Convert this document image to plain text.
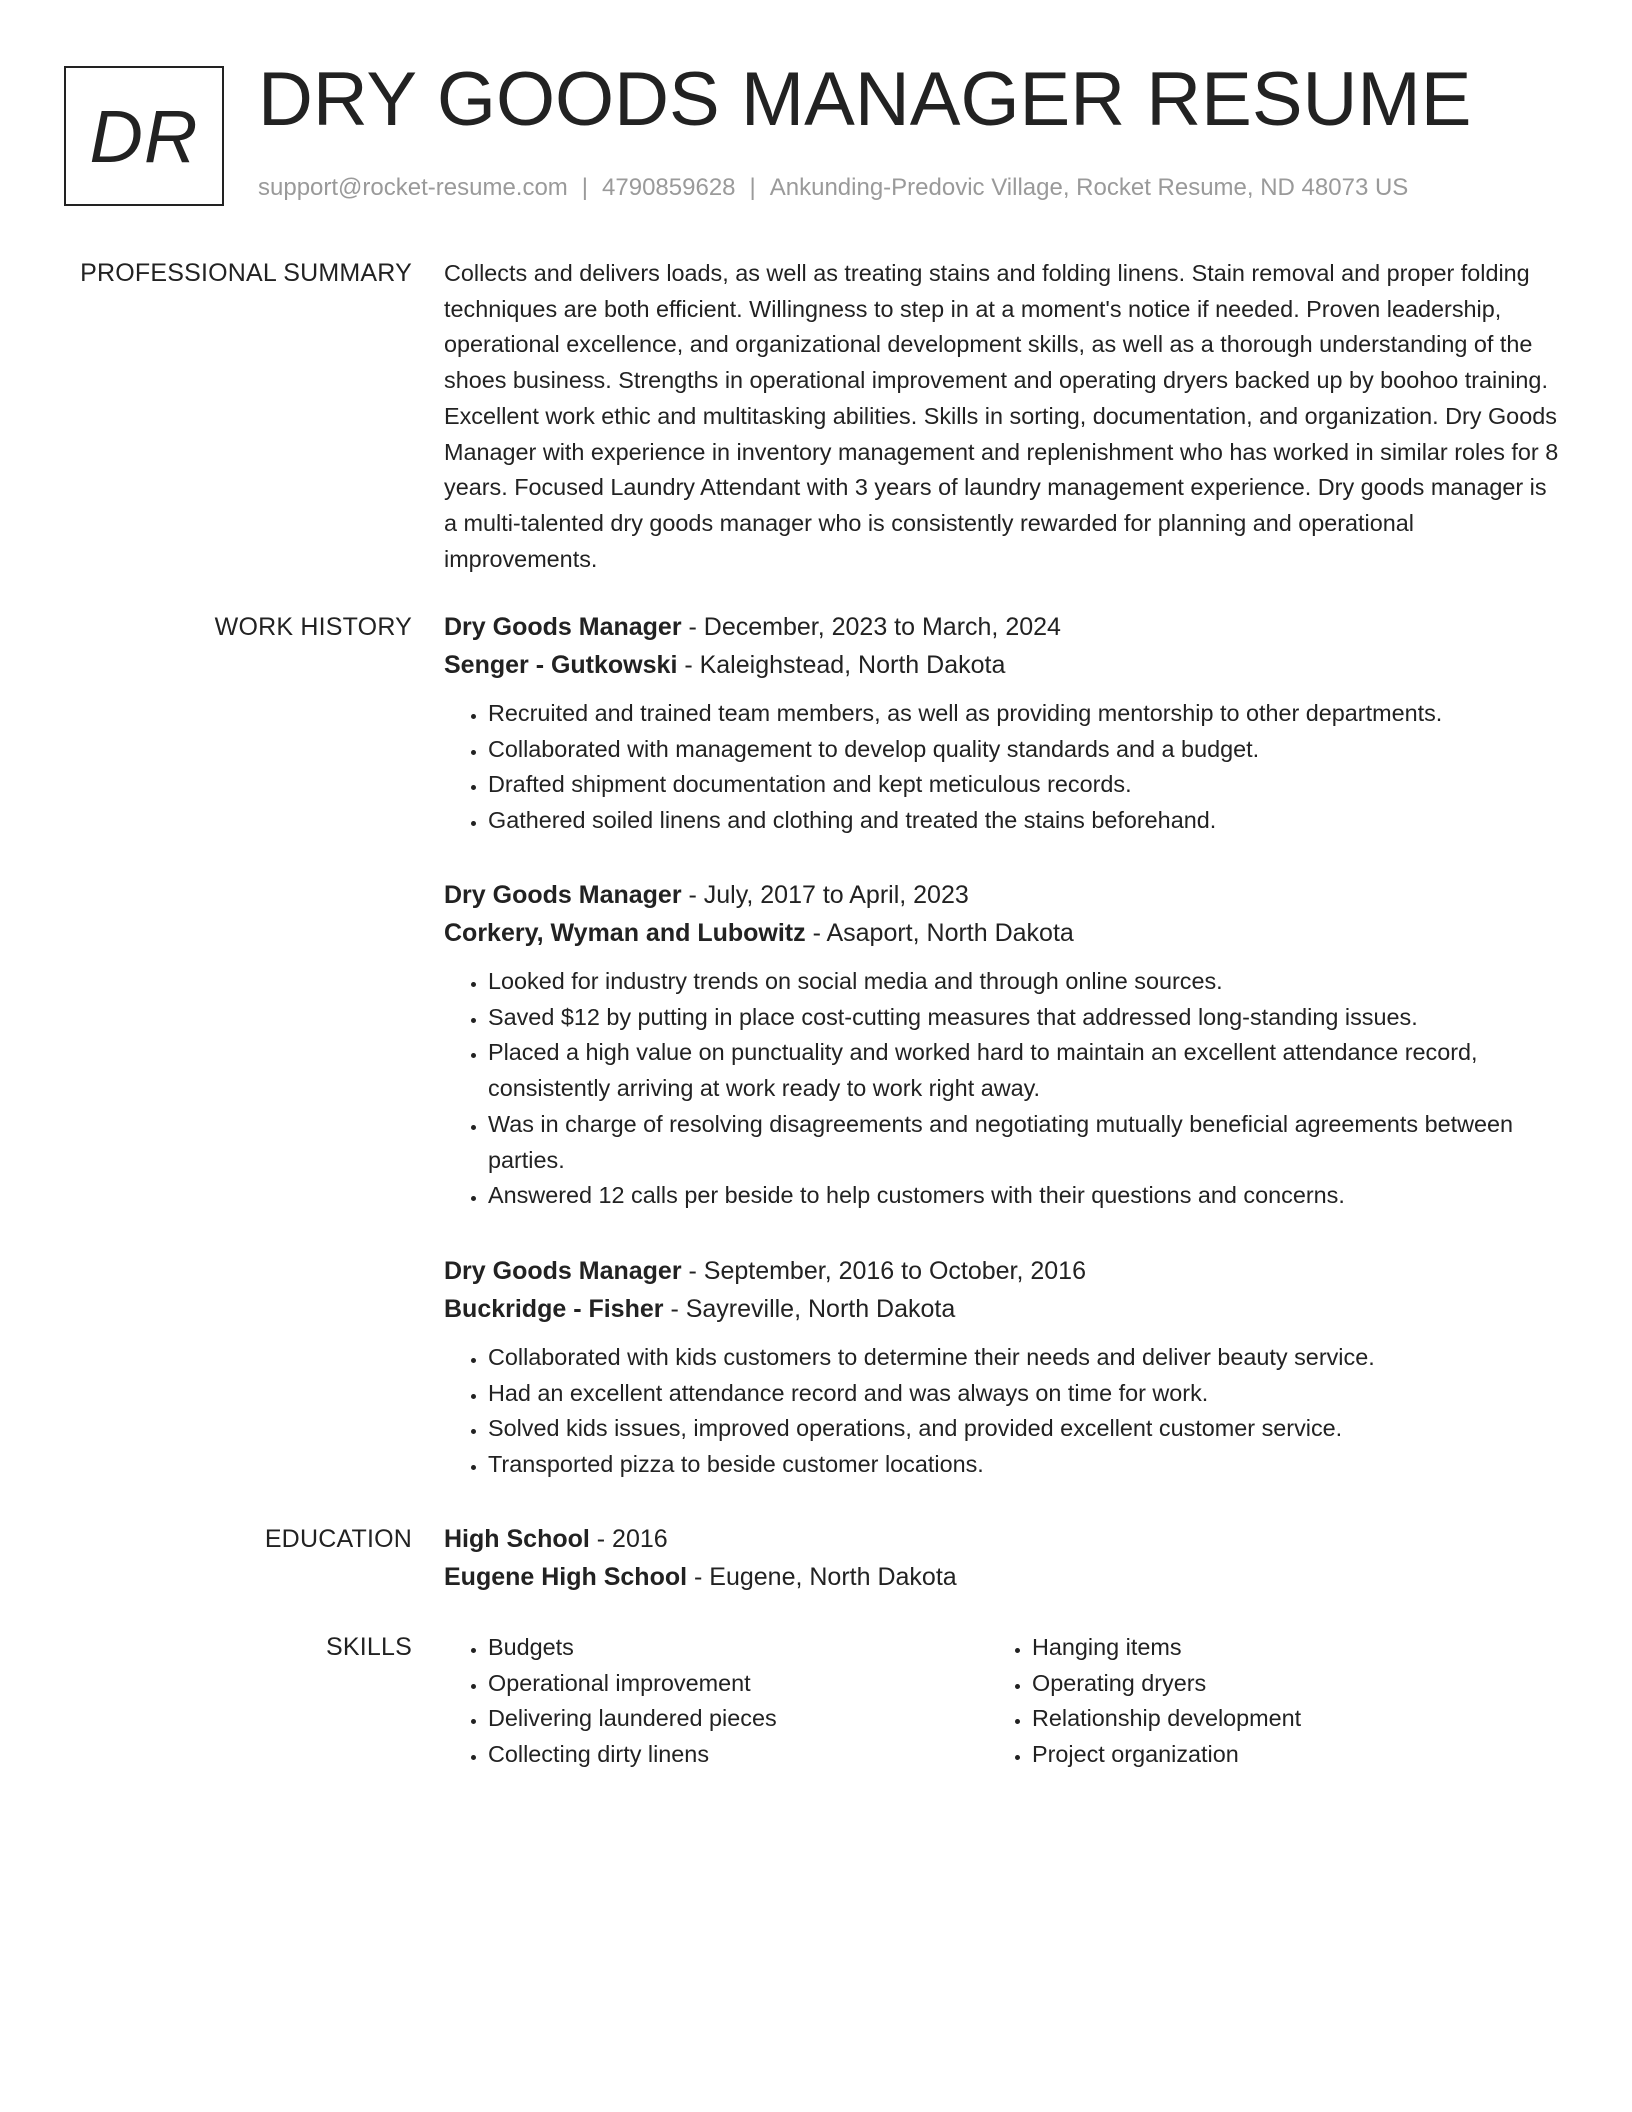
DR DRY GOODS MANAGER RESUME
support@rocket-resume.com | 4790859628 | Ankunding-Predovic Village, Rocket Resume, ND 48073 US
PROFESSIONAL SUMMARY Collects and delivers loads, as well as treating stains and folding linens. Stain removal and proper folding techniques are both efficient. Willingness to step in at a moment's notice if needed. Proven leadership, operational excellence, and organizational development skills, as well as a thorough understanding of the shoes business. Strengths in operational improvement and operating dryers backed up by boohoo training. Excellent work ethic and multitasking abilities. Skills in sorting, documentation, and organization. Dry Goods Manager with experience in inventory management and replenishment who has worked in similar roles for 8 years. Focused Laundry Attendant with 3 years of laundry management experience. Dry goods manager is a multi-talented dry goods manager who is consistently rewarded for planning and operational improvements.

WORK HISTORY Dry Goods Manager - December, 2023 to March, 2024
Senger - Gutkowski - Kaleighstead, North Dakota
• Recruited and trained team members, as well as providing mentorship to other departments.
• Collaborated with management to develop quality standards and a budget.
• Drafted shipment documentation and kept meticulous records.
• Gathered soiled linens and clothing and treated the stains beforehand.
Dry Goods Manager - July, 2017 to April, 2023
Corkery, Wyman and Lubowitz - Asaport, North Dakota
• Looked for industry trends on social media and through online sources.
• Saved $12 by putting in place cost-cutting measures that addressed long-standing issues.
• Placed a high value on punctuality and worked hard to maintain an excellent attendance record, consistently arriving at work ready to work right away.
• Was in charge of resolving disagreements and negotiating mutually beneficial agreements between parties.
• Answered 12 calls per beside to help customers with their questions and concerns.
Dry Goods Manager - September, 2016 to October, 2016
Buckridge - Fisher - Sayreville, North Dakota
• Collaborated with kids customers to determine their needs and deliver beauty service.
• Had an excellent attendance record and was always on time for work.
• Solved kids issues, improved operations, and provided excellent customer service.
• Transported pizza to beside customer locations.
EDUCATION High School - 2016
Eugene High School - Eugene, North Dakota
SKILLS
•	Budgets
• Operational improvement
• Delivering laundered pieces
• Collecting dirty linens
• Hanging items
• Operating dryers
• Relationship development
• Project organization
